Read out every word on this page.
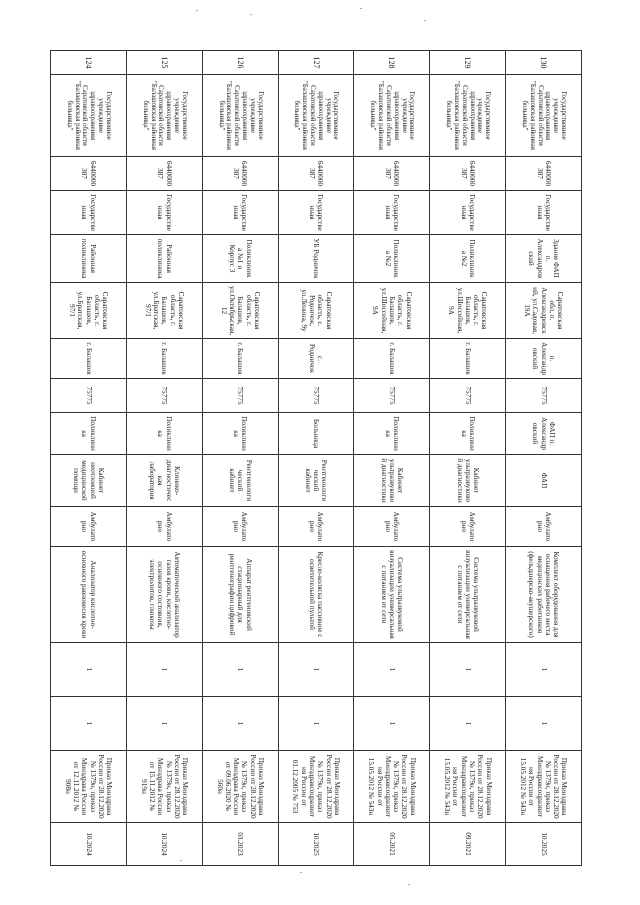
130	Государственное учреждение здравоохранения Саратовской области "Балашовская районная больница"	6440000387	Государственная	Здание ФАП п. Александровский	Саратовская обл, п. Александровский, ул.Садовая, 19А	п. Александровский	75775	ФАП п. Александровский	ФАП	Амбулаторно	Комплект оборудования для оснащения рабочего места медицинских работников (фельдшерско-акушерского)	1	1	Приказ Минздрава России от 28.12.2020 № 1379н, приказ Минздравсоцразвития России от 15.05.2012 № 543н	10.2025
129	Государственное учреждение здравоохранения Саратовской области "Балашовская районная больница"	6440000387	Государственная	Поликлиника №2	Саратовская область, г. Балашов, ул.Шоссейная, 9А	г. Балашов	75775	Поликлиника	Кабинет ультразвуковой диагностики	Амбулаторно	Система ультразвуковой визуализации универсальная с питанием от сети	1	1	Приказ Минздрава России от 28.12.2020 № 1379н, приказ Минздравсоцразвития России от 15.05.2012 № 543н	09.2021
128	Государственное учреждение здравоохранения Саратовской области "Балашовская районная больница"	6440000387	Государственная	Поликлиника №2	Саратовская область, г. Балашов, ул.Шоссейная, 9А	г. Балашов	75775	Поликлиника	Кабинет ультразвуковой диагностики	Амбулаторно	Система ультразвуковой визуализации универсальная с питанием от сети	1	1	Приказ Минздрава России от 28.12.2020 № 1379н, приказ Минздравсоцразвития России от 15.05.2012 № 543н	05.2021
127	Государственное учреждение здравоохранения Саратовской области "Балашовская районная больница"	6440000387	Государственная	УБ Родничок	Саратовская область, с. Родничок, ул.Ленина, 9у	с. Родничок	75775	Больница	Рентгенологический кабинет	Амбулаторно	Кресло-коляска пассивное с осветительной пультой	1	1	Приказ Минздрава России от 28.12.2020 № 1379н, приказ Минздравсоцразвития России от 01.12.2005 № 753	10.2025
126	Государственное учреждение здравоохранения Саратовской области "Балашовская районная больница"	6440000387	Государственная	Поликлиника №1 и Корпус 3	Саратовская область, г. Балашов, ул.Октябрьская, 12	г. Балашов	75775	Поликлиника	Рентгенологический кабинет	Амбулаторно	Аппарат рентгеновский стационарный для рентгенографии цифровой	1	1	Приказ Минздрава России от 28.12.2020 № 1379н, приказ Минздрава России от 09.06.2020 № 560н	03.2023
125	Государственное учреждение здравоохранения Саратовской области "Балашовская районная больница"	6440000387	Государственная	Районная поликлиника	Саратовская область, г. Балашов, ул.Братская, 97/1	г. Балашов	75775	Поликлиника	Клинико-диагностическая лаборатория	Амбулаторно	Автоматический анализатор газов крови, кислотно-основного состояния, электролитов, глюкозы	1	1	Приказ Минздрава России от 28.12.2020 № 1379н, приказ Минздрава России от 15.11.2012 № 919н	10.2024
124	Государственное учреждение здравоохранения Саратовской области "Балашовская районная больница"	6440000387	Государственная	Районная поликлиника	Саратовская область, г. Балашов, ул.Братская, 97/1	г. Балашов	75775	Поликлиника	Кабинет неотложной медицинской помощи	Амбулаторно	Анализатор кислотно-основного равновесия крови	1	1	Приказ Минздрава России от 28.12.2020 № 1379н, приказ Минздрава России от 12.11.2012 № 908н	10.2024
